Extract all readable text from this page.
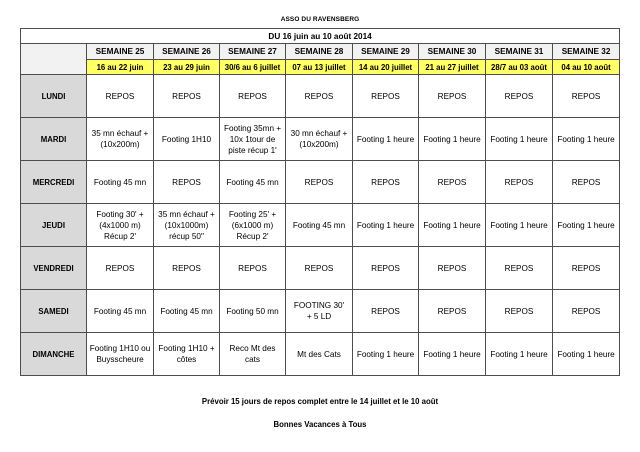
ASSO DU RAVENSBERG
DU 16 juin au 10 août 2014								
	SEMAINE 25	SEMAINE 26	SEMAINE 27	SEMAINE 28	SEMAINE 29	SEMAINE 30	SEMAINE 31	SEMAINE 32
	16 au 22 juin	23 au 29 juin	30/6 au 6 juillet	07 au 13 juillet	14 au 20 juillet	21 au 27 juillet	28/7 au 03 août	04 au 10 août
LUNDI	REPOS	REPOS	REPOS	REPOS	REPOS	REPOS	REPOS	REPOS

MARDI	35 mn échauf +
(10x200m)	Footing 1H10	Footing 35mn +
10x 1tour de
piste récup 1'	30 mn échauf +
(10x200m)	Footing 1 heure	Footing 1 heure	Footing 1 heure	Footing 1 heure

MERCREDI	Footing 45 mn	REPOS	Footing 45 mn	REPOS	REPOS	REPOS	REPOS	REPOS

JEUDI	Footing 30' +
(4x1000 m)
Récup 2'	35 mn échauf +
(10x1000m)
récup 50"	Footing 25' +
(6x1000 m)
Récup 2'	Footing 45 mn	Footing 1 heure	Footing 1 heure	Footing 1 heure	Footing 1 heure

VENDREDI	REPOS	REPOS	REPOS	REPOS	REPOS	REPOS	REPOS	REPOS

SAMEDI	Footing 45 mn	Footing 45 mn	Footing 50 mn	FOOTING 30'
+ 5 LD	REPOS	REPOS	REPOS	REPOS

DIMANCHE	Footing 1H10 ou
Buysscheure	Footing 1H10 +
côtes	Reco Mt des
cats	Mt des Cats	Footing 1 heure	Footing 1 heure	Footing 1 heure	Footing 1 heure
Prévoir 15 jours de repos complet entre le 14 juillet et le 10 août
Bonnes Vacances à Tous
